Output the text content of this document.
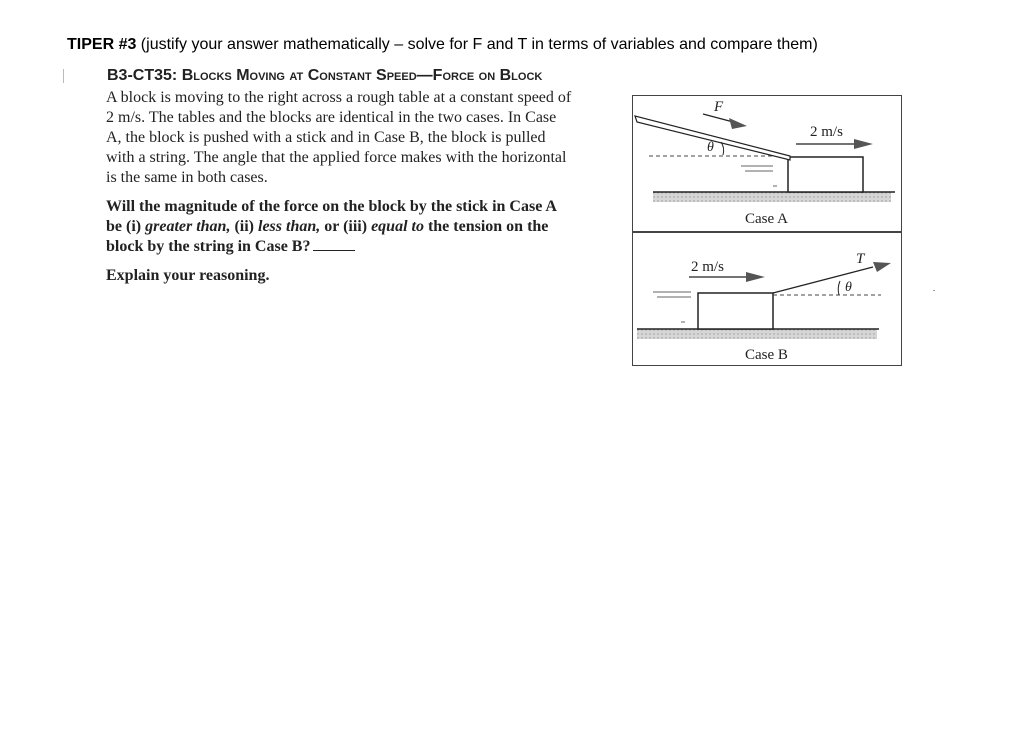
TIPER #3 (justify your answer mathematically – solve for F and T in terms of variables and compare them)
B3-CT35: Blocks Moving at Constant Speed—Force on Block
A block is moving to the right across a rough table at a constant speed of
2 m/s. The tables and the blocks are identical in the two cases. In Case
A, the block is pushed with a stick and in Case B, the block is pulled
with a string. The angle that the applied force makes with the horizontal
is the same in both cases.
Will the magnitude of the force on the block by the stick in Case A
be (i) greater than, (ii) less than, or (iii) equal to the tension on the
block by the string in Case B?
Explain your reasoning.
F
θ
2 m/s
Case A
T
θ
2 m/s
Case B
